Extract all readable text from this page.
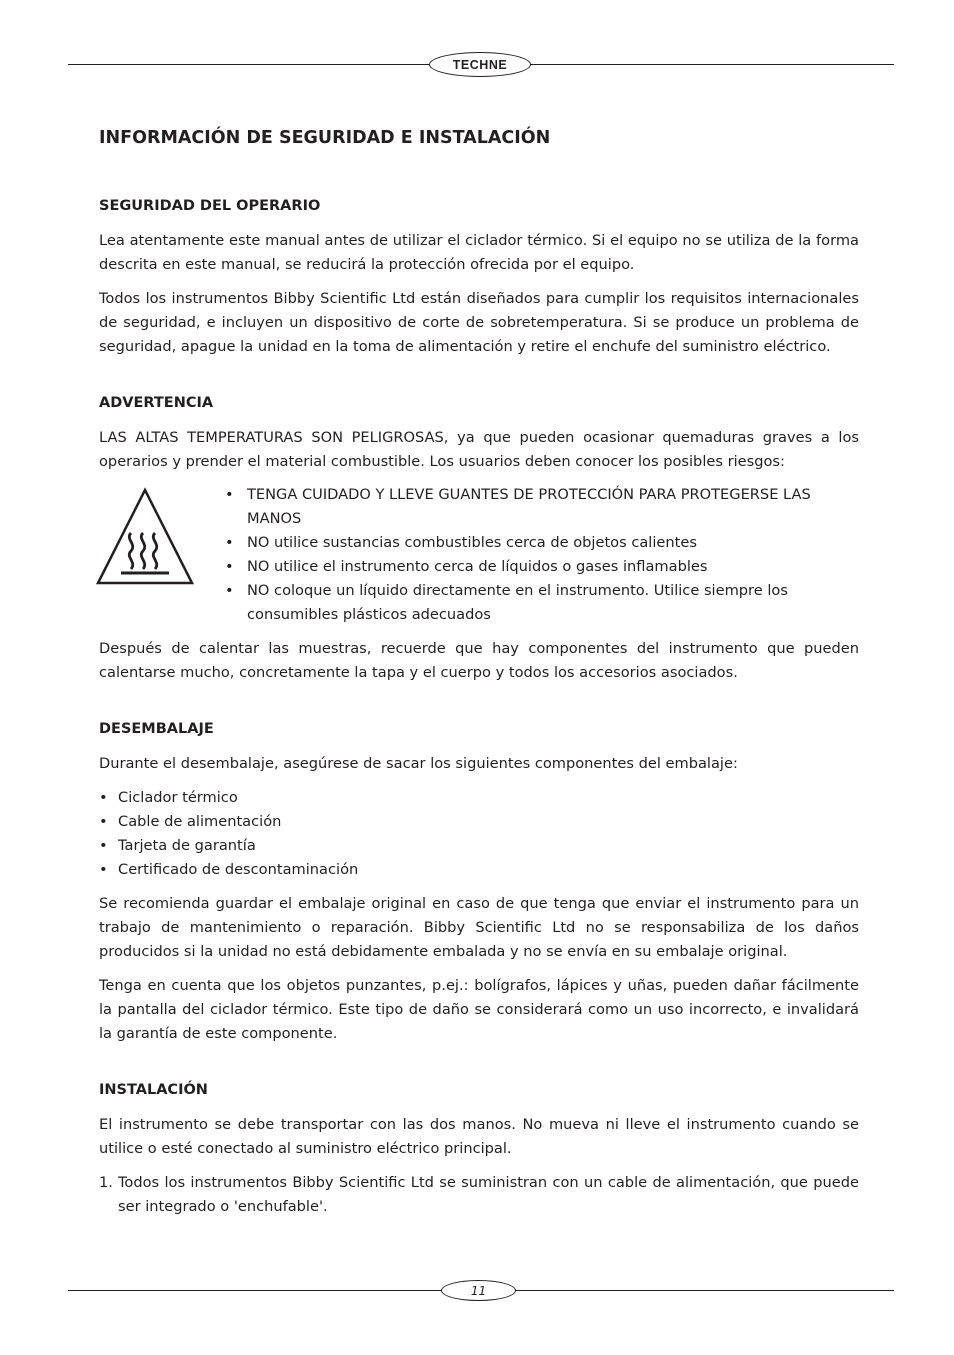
TECHNE
INFORMACIÓN DE SEGURIDAD E INSTALACIÓN
SEGURIDAD DEL OPERARIO

Lea atentamente este manual antes de utilizar el ciclador térmico. Si el equipo no se utiliza de la forma descrita en este manual, se reducirá la protección ofrecida por el equipo.

Todos los instrumentos Bibby Scientific Ltd están diseñados para cumplir los requisitos internacionales de seguridad, e incluyen un dispositivo de corte de sobretemperatura. Si se produce un problema de seguridad, apague la unidad en la toma de alimentación y retire el enchufe del suministro eléctrico.

ADVERTENCIA

LAS ALTAS TEMPERATURAS SON PELIGROSAS, ya que pueden ocasionar quemaduras graves a los operarios y prender el material combustible. Los usuarios deben conocer los posibles riesgos:

• TENGA CUIDADO Y LLEVE GUANTES DE PROTECCIÓN PARA PROTEGERSE LAS MANOS
• NO utilice sustancias combustibles cerca de objetos calientes
• NO utilice el instrumento cerca de líquidos o gases inflamables
• NO coloque un líquido directamente en el instrumento. Utilice siempre los consumibles plásticos adecuados

Después de calentar las muestras, recuerde que hay componentes del instrumento que pueden calentarse mucho, concretamente la tapa y el cuerpo y todos los accesorios asociados.

DESEMBALAJE

Durante el desembalaje, asegúrese de sacar los siguientes componentes del embalaje:

• Ciclador térmico
• Cable de alimentación
• Tarjeta de garantía
• Certificado de descontaminación

Se recomienda guardar el embalaje original en caso de que tenga que enviar el instrumento para un trabajo de mantenimiento o reparación. Bibby Scientific Ltd no se responsabiliza de los daños producidos si la unidad no está debidamente embalada y no se envía en su embalaje original.

Tenga en cuenta que los objetos punzantes, p.ej.: bolígrafos, lápices y uñas, pueden dañar fácilmente la pantalla del ciclador térmico. Este tipo de daño se considerará como un uso incorrecto, e invalidará la garantía de este componente.

INSTALACIÓN

El instrumento se debe transportar con las dos manos. No mueva ni lleve el instrumento cuando se utilice o esté conectado al suministro eléctrico principal.

1. Todos los instrumentos Bibby Scientific Ltd se suministran con un cable de alimentación, que puede ser integrado o 'enchufable'.
11
